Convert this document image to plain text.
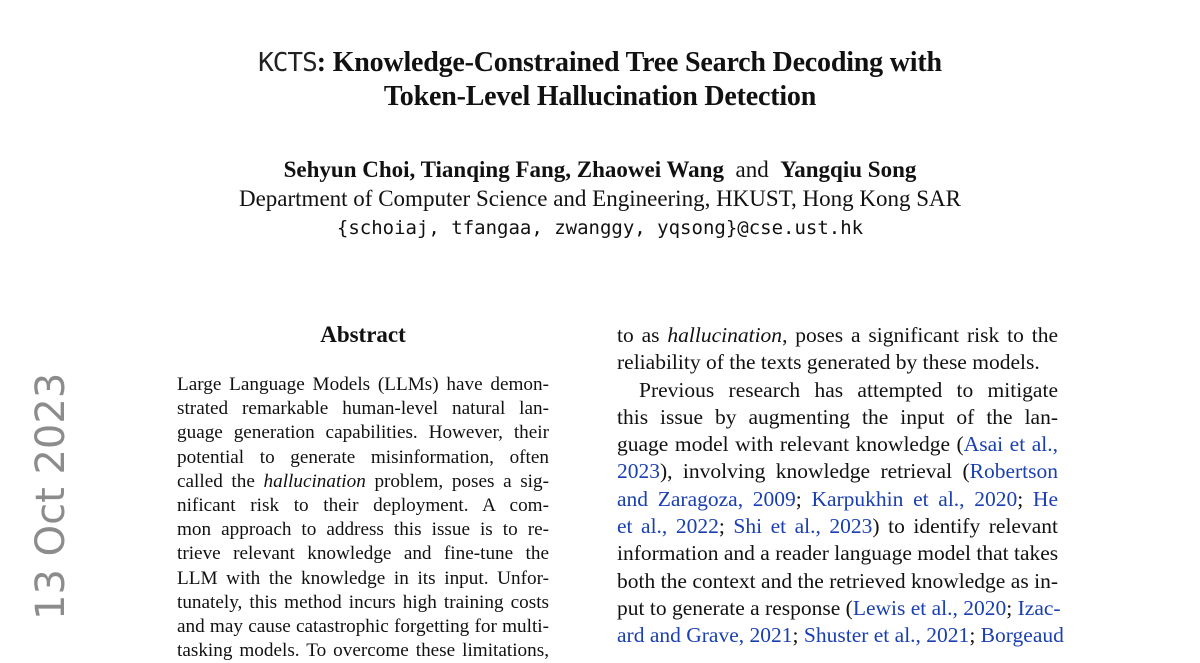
13 Oct 2023
KCTS: Knowledge-Constrained Tree Search Decoding with
Token-Level Hallucination Detection
Sehyun Choi, Tianqing Fang, Zhaowei Wang and Yangqiu Song
Department of Computer Science and Engineering, HKUST, Hong Kong SAR
{schoiaj, tfangaa, zwanggy, yqsong}@cse.ust.hk
Abstract
Large Language Models (LLMs) have demon-
strated remarkable human-level natural lan-
guage generation capabilities. However, their
potential to generate misinformation, often
called the hallucination problem, poses a sig-
nificant risk to their deployment. A com-
mon approach to address this issue is to re-
trieve relevant knowledge and fine-tune the
LLM with the knowledge in its input. Unfor-
tunately, this method incurs high training costs
and may cause catastrophic forgetting for multi-
tasking models. To overcome these limitations,
to as hallucination, poses a significant risk to the
reliability of the texts generated by these models.
Previous research has attempted to mitigate
this issue by augmenting the input of the lan-
guage model with relevant knowledge (Asai et al.,
2023), involving knowledge retrieval (Robertson
and Zaragoza, 2009; Karpukhin et al., 2020; He
et al., 2022; Shi et al., 2023) to identify relevant
information and a reader language model that takes
both the context and the retrieved knowledge as in-
put to generate a response (Lewis et al., 2020; Izac-
ard and Grave, 2021; Shuster et al., 2021; Borgeaud
